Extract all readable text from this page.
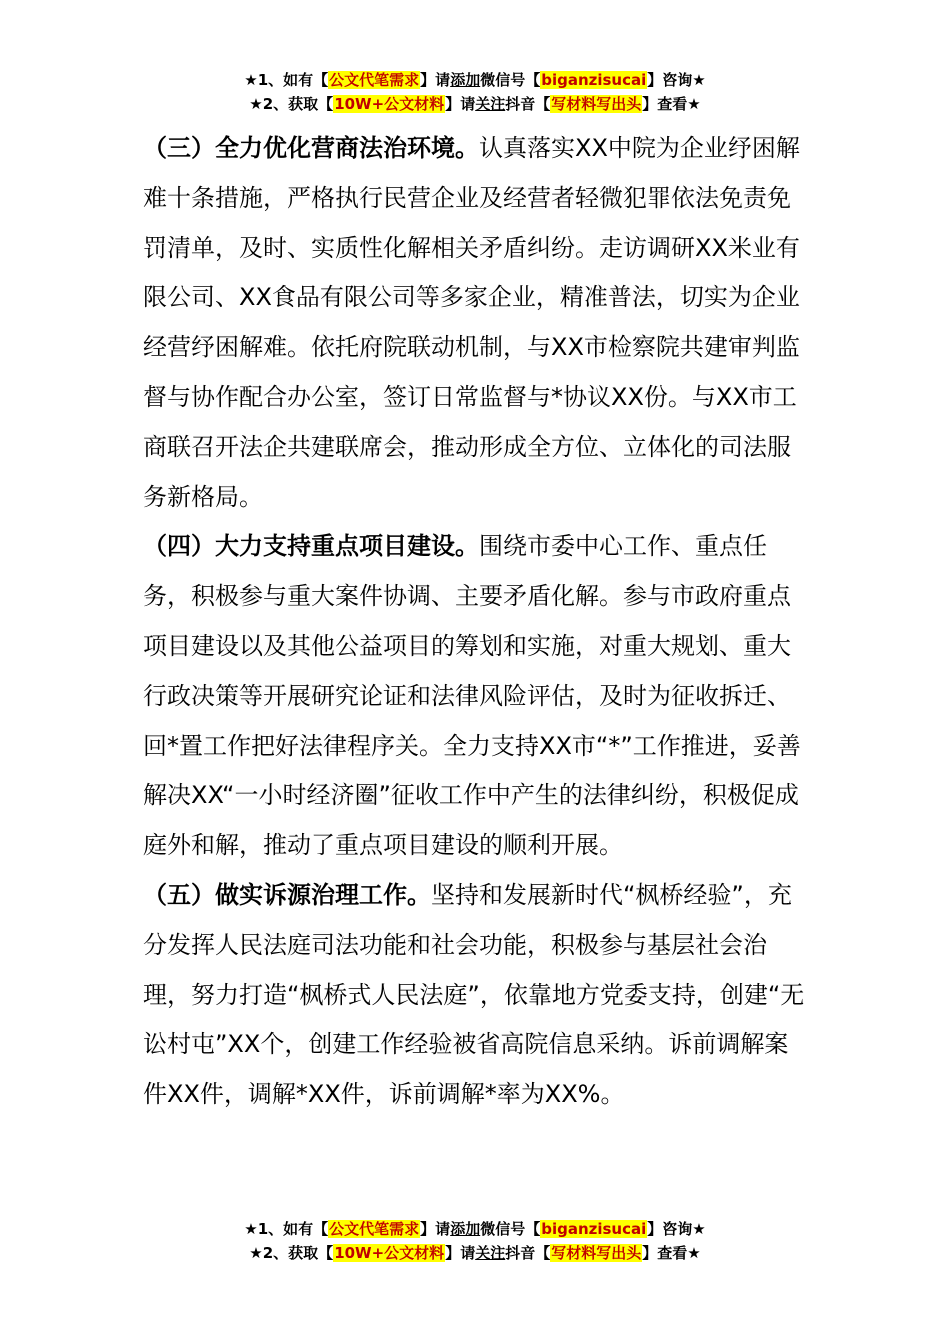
★1、如有【公文代笔需求】请添加微信号【biganzisucai】咨询★
★2、获取【10W+公文材料】请关注抖音【写材料写出头】查看★

（三）全力优化营商法治环境。认真落实XX中院为企业纾困解难十条措施，严格执行民营企业及经营者轻微犯罪依法免责免罚清单，及时、实质性化解相关矛盾纠纷。走访调研XX米业有限公司、XX食品有限公司等多家企业，精准普法，切实为企业经营纾困解难。依托府院联动机制，与XX市检察院共建审判监督与协作配合办公室，签订日常监督与*协议XX份。与XX市工商联召开法企共建联席会，推动形成全方位、立体化的司法服务新格局。

（四）大力支持重点项目建设。围绕市委中心工作、重点任务，积极参与重大案件协调、主要矛盾化解。参与市政府重点项目建设以及其他公益项目的筹划和实施，对重大规划、重大行政决策等开展研究论证和法律风险评估，及时为征收拆迁、回*置工作把好法律程序关。全力支持XX市“*”工作推进，妥善解决XX“一小时经济圈”征收工作中产生的法律纠纷，积极促成庭外和解，推动了重点项目建设的顺利开展。

（五）做实诉源治理工作。坚持和发展新时代“枫桥经验”，充分发挥人民法庭司法功能和社会功能，积极参与基层社会治理，努力打造“枫桥式人民法庭”，依靠地方党委支持，创建“无讼村屯”XX个，创建工作经验被省高院信息采纳。诉前调解案件XX件，调解*XX件，诉前调解*率为XX%。

★1、如有【公文代笔需求】请添加微信号【biganzisucai】咨询★
★2、获取【10W+公文材料】请关注抖音【写材料写出头】查看★
